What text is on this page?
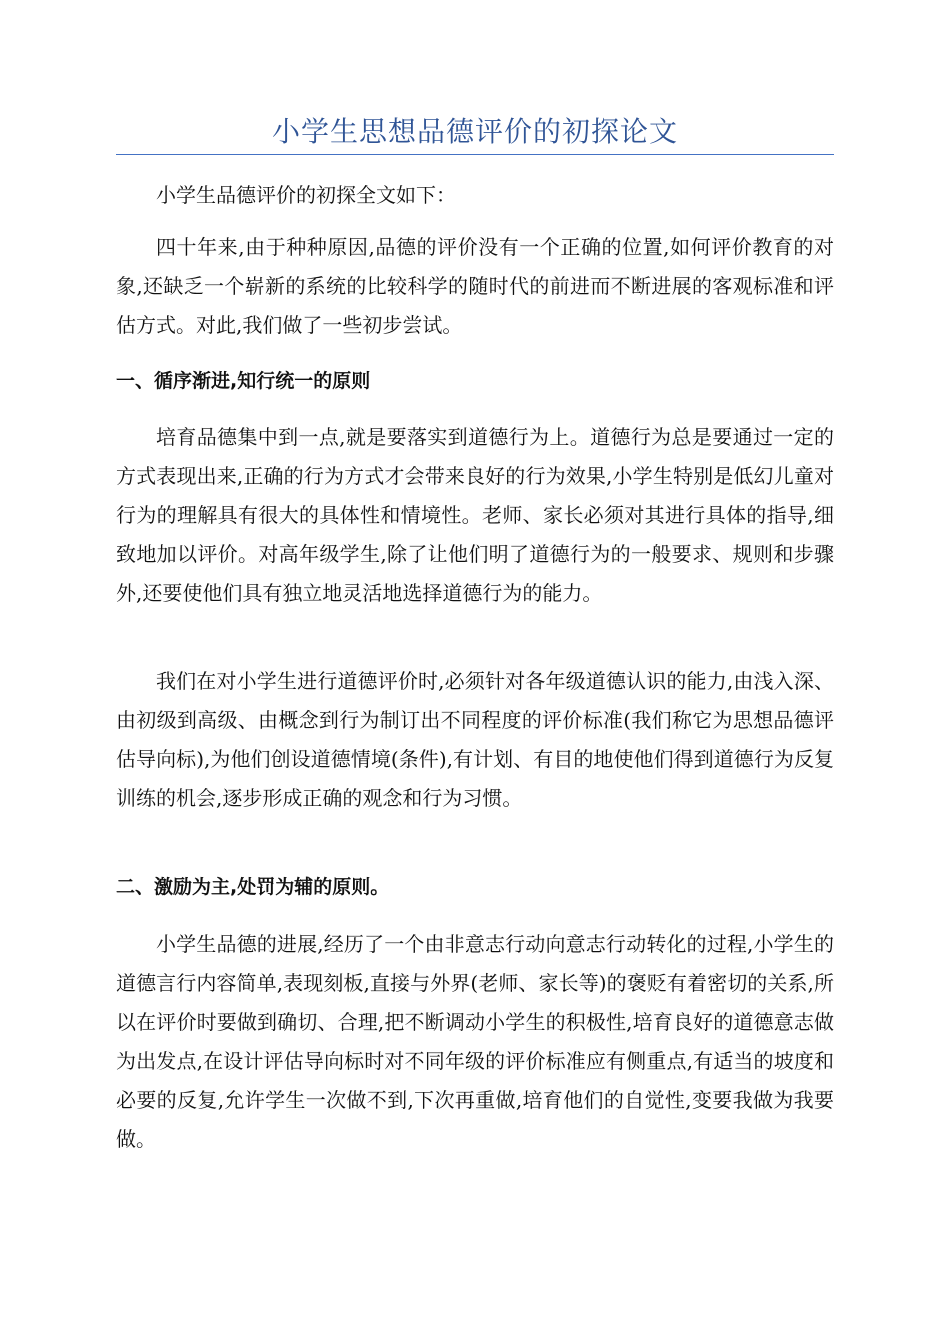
小学生思想品德评价的初探论文

小学生品德评价的初探全文如下：

四十年来,由于种种原因,品德的评价没有一个正确的位置,如何评价教育的对象,还缺乏一个崭新的系统的比较科学的随时代的前进而不断进展的客观标准和评估方式。对此,我们做了一些初步尝试。

一、循序渐进,知行统一的原则

培育品德集中到一点,就是要落实到道德行为上。道德行为总是要通过一定的方式表现出来,正确的行为方式才会带来良好的行为效果,小学生特别是低幻儿童对行为的理解具有很大的具体性和情境性。老师、家长必须对其进行具体的指导,细致地加以评价。对高年级学生,除了让他们明了道德行为的一般要求、规则和步骤外,还要使他们具有独立地灵活地选择道德行为的能力。

我们在对小学生进行道德评价时,必须针对各年级道德认识的能力,由浅入深、由初级到高级、由概念到行为制订出不同程度的评价标准(我们称它为思想品德评估导向标),为他们创设道德情境(条件),有计划、有目的地使他们得到道德行为反复训练的机会,逐步形成正确的观念和行为习惯。

二、激励为主,处罚为辅的原则。

小学生品德的进展,经历了一个由非意志行动向意志行动转化的过程,小学生的道德言行内容简单,表现刻板,直接与外界(老师、家长等)的褒贬有着密切的关系,所以在评价时要做到确切、合理,把不断调动小学生的积极性,培育良好的道德意志做为出发点,在设计评估导向标时对不同年级的评价标准应有侧重点,有适当的坡度和必要的反复,允许学生一次做不到,下次再重做,培育他们的自觉性,变要我做为我要做。
